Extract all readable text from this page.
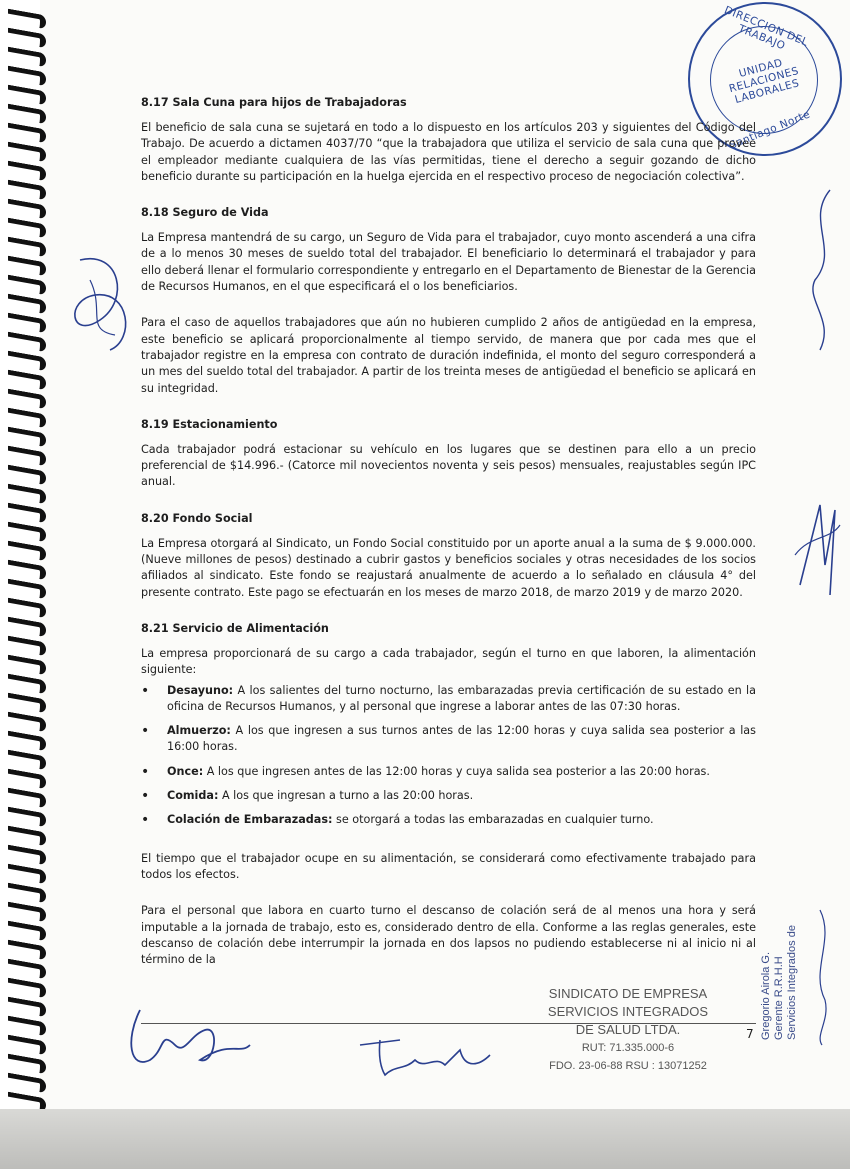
DIRECCION DEL TRABAJO
UNIDAD RELACIONES LABORALES
Santiago Norte
8.17 Sala Cuna para hijos de Trabajadoras

El beneficio de sala cuna se sujetará en todo a lo dispuesto en los artículos 203 y siguientes del Código del Trabajo. De acuerdo a dictamen 4037/70 “que la trabajadora que utiliza el servicio de sala cuna que provee el empleador mediante cualquiera de las vías permitidas, tiene el derecho a seguir gozando de dicho beneficio durante su participación en la huelga ejercida en el respectivo proceso de negociación colectiva”.

8.18 Seguro de Vida

La Empresa mantendrá de su cargo, un Seguro de Vida para el trabajador, cuyo monto ascenderá a una cifra de a lo menos 30 meses de sueldo total del trabajador. El beneficiario lo determinará el trabajador y para ello deberá llenar el formulario correspondiente y entregarlo en el Departamento de Bienestar de la Gerencia de Recursos Humanos, en el que especificará el o los beneficiarios.

Para el caso de aquellos trabajadores que aún no hubieren cumplido 2 años de antigüedad en la empresa, este beneficio se aplicará proporcionalmente al tiempo servido, de manera que por cada mes que el trabajador registre en la empresa con contrato de duración indefinida, el monto del seguro corresponderá a un mes del sueldo total del trabajador. A partir de los treinta meses de antigüedad el beneficio se aplicará en su integridad.

8.19 Estacionamiento

Cada trabajador podrá estacionar su vehículo en los lugares que se destinen para ello a un precio preferencial de $14.996.- (Catorce mil novecientos noventa y seis pesos) mensuales, reajustables según IPC anual.

8.20 Fondo Social

La Empresa otorgará al Sindicato, un Fondo Social constituido por un aporte anual a la suma de $ 9.000.000. (Nueve millones de pesos) destinado a cubrir gastos y beneficios sociales y otras necesidades de los socios afiliados al sindicato. Este fondo se reajustará anualmente de acuerdo a lo señalado en cláusula 4° del presente contrato. Este pago se efectuarán en los meses de marzo 2018, de marzo 2019 y de marzo 2020.

8.21 Servicio de Alimentación

La empresa proporcionará de su cargo a cada trabajador, según el turno en que laboren, la alimentación siguiente:

• Desayuno: A los salientes del turno nocturno, las embarazadas previa certificación de su estado en la oficina de Recursos Humanos, y al personal que ingrese a laborar antes de las 07:30 horas.
• Almuerzo: A los que ingresen a sus turnos antes de las 12:00 horas y cuya salida sea posterior a las 16:00 horas.
• Once: A los que ingresen antes de las 12:00 horas y cuya salida sea posterior a las 20:00 horas.
• Comida: A los que ingresan a turno a las 20:00 horas.
• Colación de Embarazadas: se otorgará a todas las embarazadas en cualquier turno.

El tiempo que el trabajador ocupe en su alimentación, se considerará como efectivamente trabajado para todos los efectos.

Para el personal que labora en cuarto turno el descanso de colación será de al menos una hora y será imputable a la jornada de trabajo, esto es, considerado dentro de ella. Conforme a las reglas generales, este descanso de colación debe interrumpir la jornada en dos lapsos no pudiendo establecerse ni al inicio ni al término de la

7
SINDICATO DE EMPRESA
SERVICIOS INTEGRADOS
DE SALUD LTDA.
RUT: 71.335.000-6
FDO. 23-06-88 RSU : 13071252
Gregorio Airola G. Gerente R.R.H.H Servicios Integrados de
